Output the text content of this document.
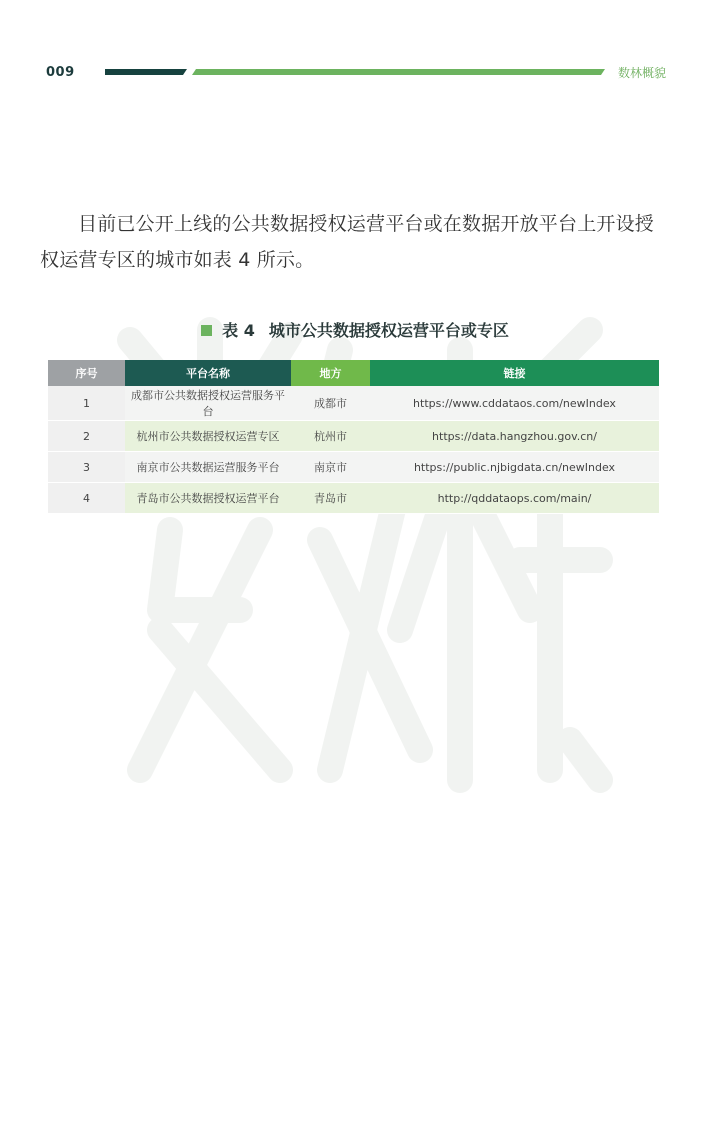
009	数林概貌
目前已公开上线的公共数据授权运营平台或在数据开放平台上开设授权运营专区的城市如表 4 所示。
表 4 城市公共数据授权运营平台或专区
序号	平台名称	地方	链接
1	成都市公共数据授权运营服务平台	成都市	https://www.cddataos.com/newIndex
2	杭州市公共数据授权运营专区	杭州市	https://data.hangzhou.gov.cn/
3	南京市公共数据运营服务平台	南京市	https://public.njbigdata.cn/newIndex
4	青岛市公共数据授权运营平台	青岛市	http://qddataops.com/main/
